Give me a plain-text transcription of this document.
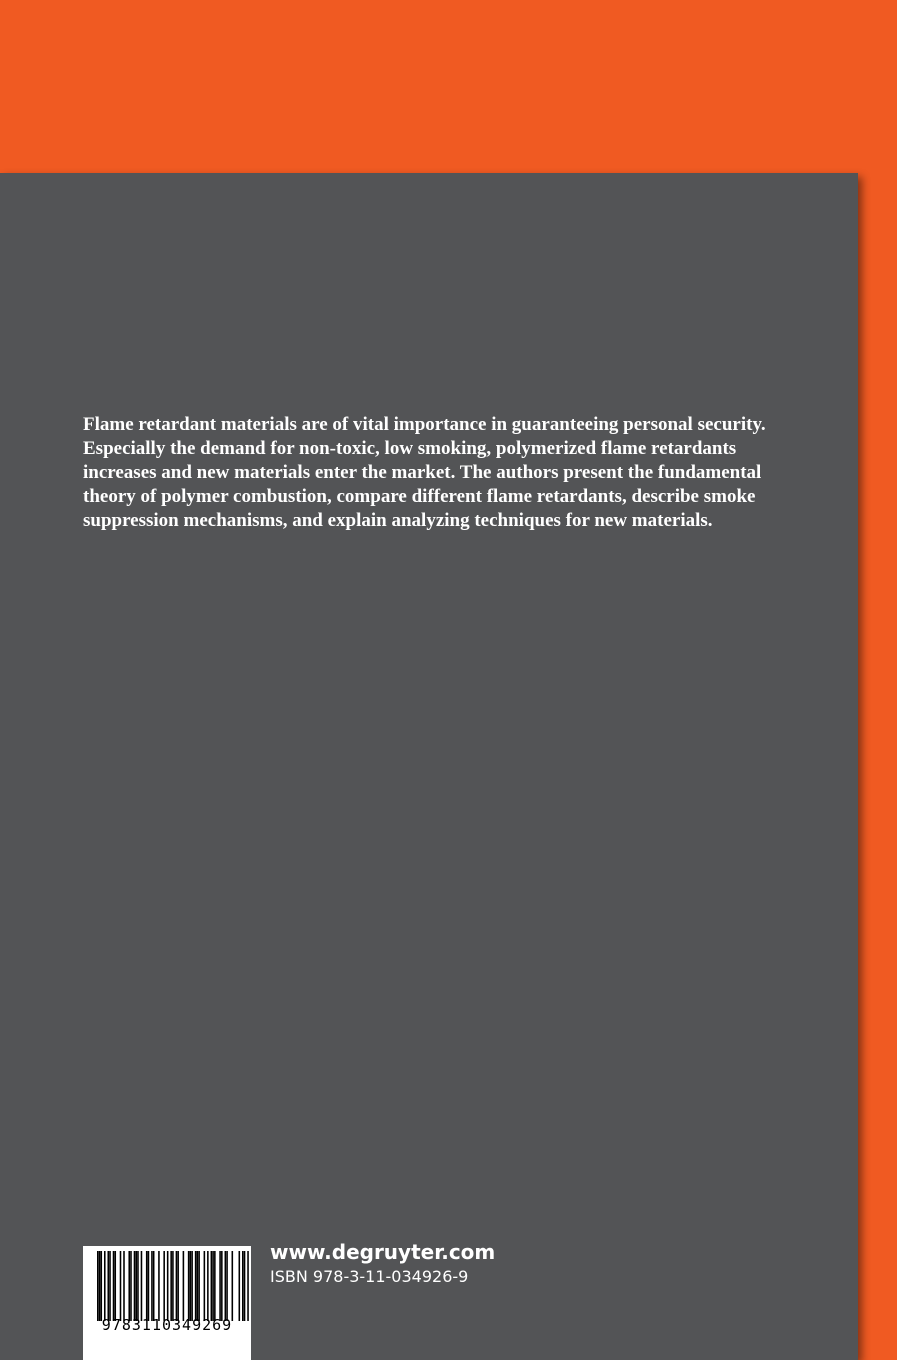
Flame retardant materials are of vital importance in guaranteeing personal security. Especially the demand for non-toxic, low smoking, polymerized flame retardants increases and new materials enter the market. The authors present the fundamental theory of polymer combustion, compare different flame retardants, describe smoke suppression mechanisms, and explain analyzing techniques for new materials.

9783110349269
www.degruyter.com
ISBN 978-3-11-034926-9
